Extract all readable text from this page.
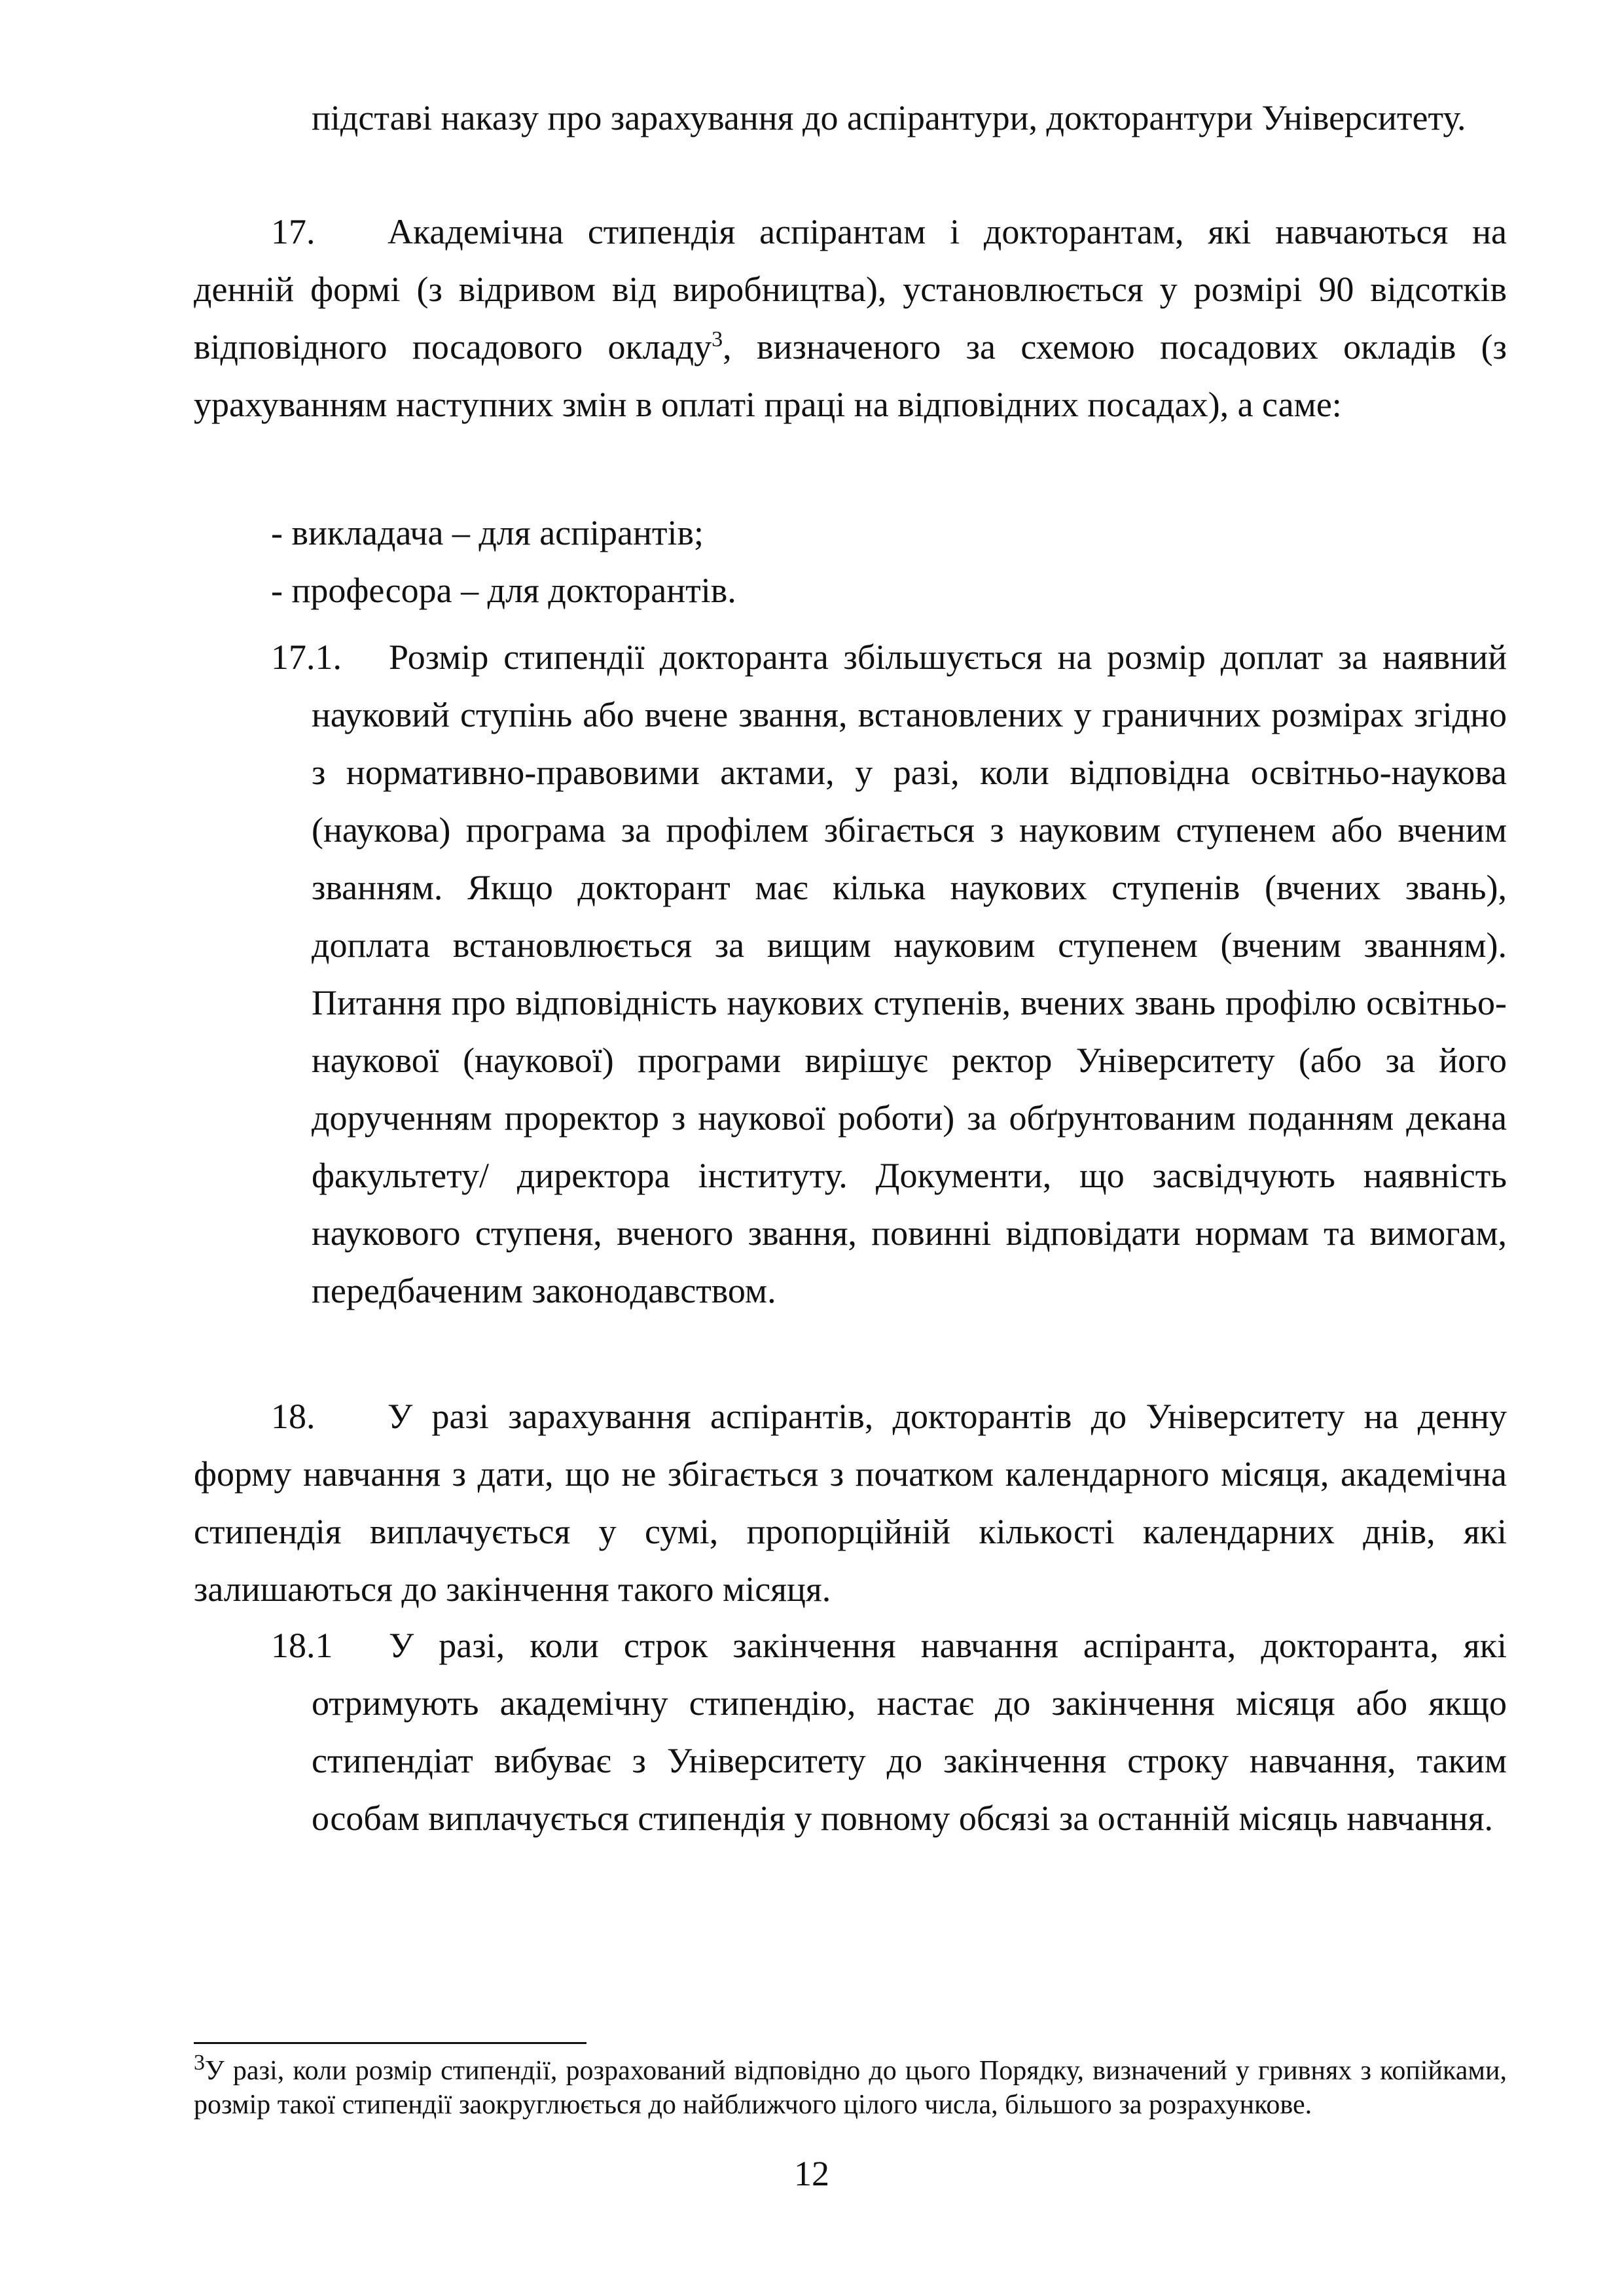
підставі наказу про зарахування до аспірантури, докторантури Університету.

17. Академічна стипендія аспірантам і докторантам, які навчаються на денній формі (з відривом від виробництва), установлюється у розмірі 90 відсотків відповідного посадового окладу$^3$, визначеного за схемою посадових окладів (з урахуванням наступних змін в оплаті праці на відповідних посадах), а саме:

- викладача – для аспірантів;

- професора – для докторантів.

17.1. Розмір стипендії докторанта збільшується на розмір доплат за наявний науковий ступінь або вчене звання, встановлених у граничних розмірах згідно з нормативно-правовими актами, у разі, коли відповідна освітньо-наукова (наукова) програма за профілем збігається з науковим ступенем або вченим званням. Якщо докторант має кілька наукових ступенів (вчених звань), доплата встановлюється за вищим науковим ступенем (вченим званням). Питання про відповідність наукових ступенів, вчених звань профілю освітньо-наукової (наукової) програми вирішує ректор Університету (або за його дорученням проректор з наукової роботи) за обґрунтованим поданням декана факультету/ директора інституту. Документи, що засвідчують наявність наукового ступеня, вченого звання, повинні відповідати нормам та вимогам, передбаченим законодавством.

18. У разі зарахування аспірантів, докторантів до Університету на денну форму навчання з дати, що не збігається з початком календарного місяця, академічна стипендія виплачується у сумі, пропорційній кількості календарних днів, які залишаються до закінчення такого місяця.

18.1 У разі, коли строк закінчення навчання аспіранта, докторанта, які отримують академічну стипендію, настає до закінчення місяця або якщо стипендіат вибуває з Університету до закінчення строку навчання, таким особам виплачується стипендія у повному обсязі за останній місяць навчання.

$^3$У разі, коли розмір стипендії, розрахований відповідно до цього Порядку, визначений у гривнях з копійками, розмір такої стипендії заокруглюється до найближчого цілого числа, більшого за розрахункове.

12
